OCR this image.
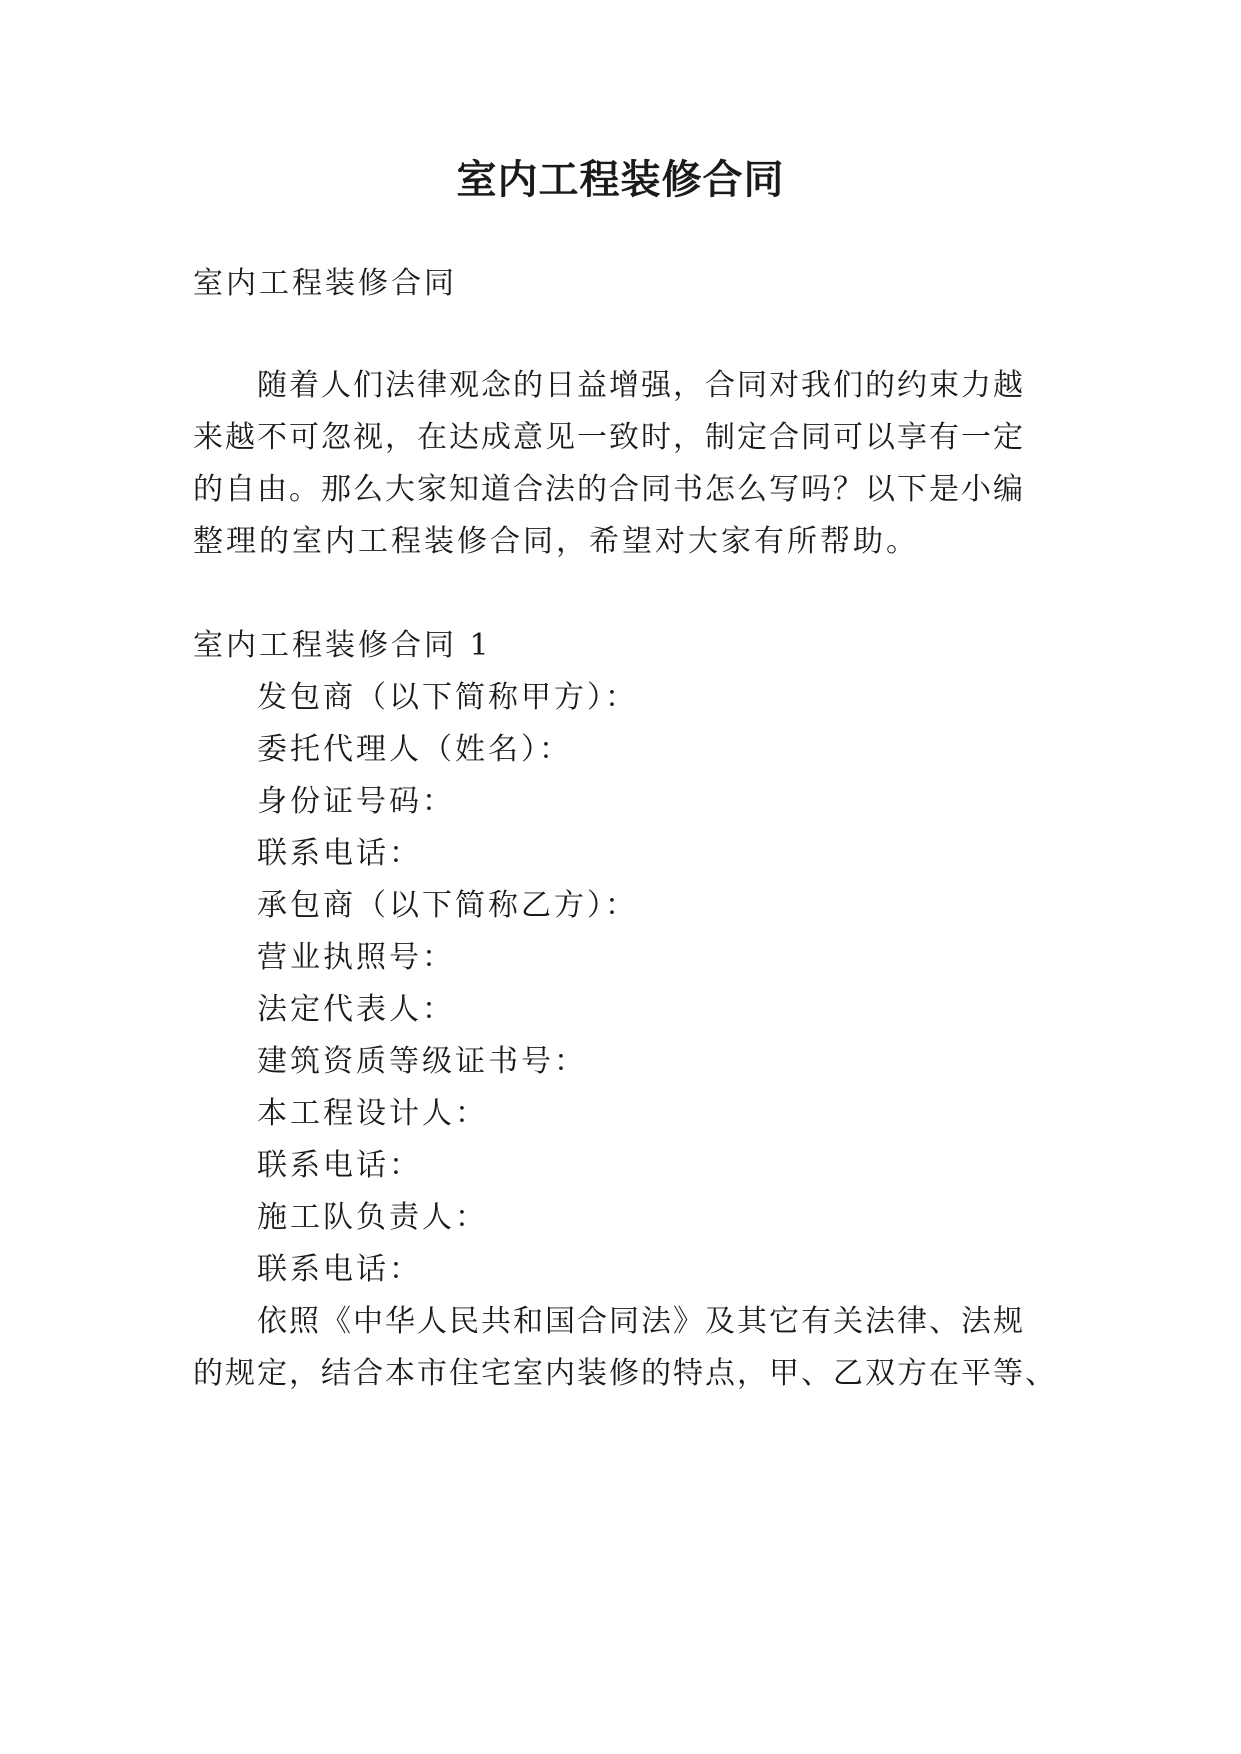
室内工程装修合同

室内工程装修合同

随着人们法律观念的日益增强，合同对我们的约束力越

来越不可忽视，在达成意见一致时，制定合同可以享有一定

的自由。那么大家知道合法的合同书怎么写吗？以下是小编

整理的室内工程装修合同，希望对大家有所帮助。

室内工程装修合同 1

发包商（以下简称甲方）：

委托代理人（姓名）：

身份证号码：

联系电话：

承包商（以下简称乙方）：

营业执照号：

法定代表人：

建筑资质等级证书号：

本工程设计人：

联系电话：

施工队负责人：

联系电话：

依照《中华人民共和国合同法》及其它有关法律、法规

的规定，结合本市住宅室内装修的特点，甲、乙双方在平等、
